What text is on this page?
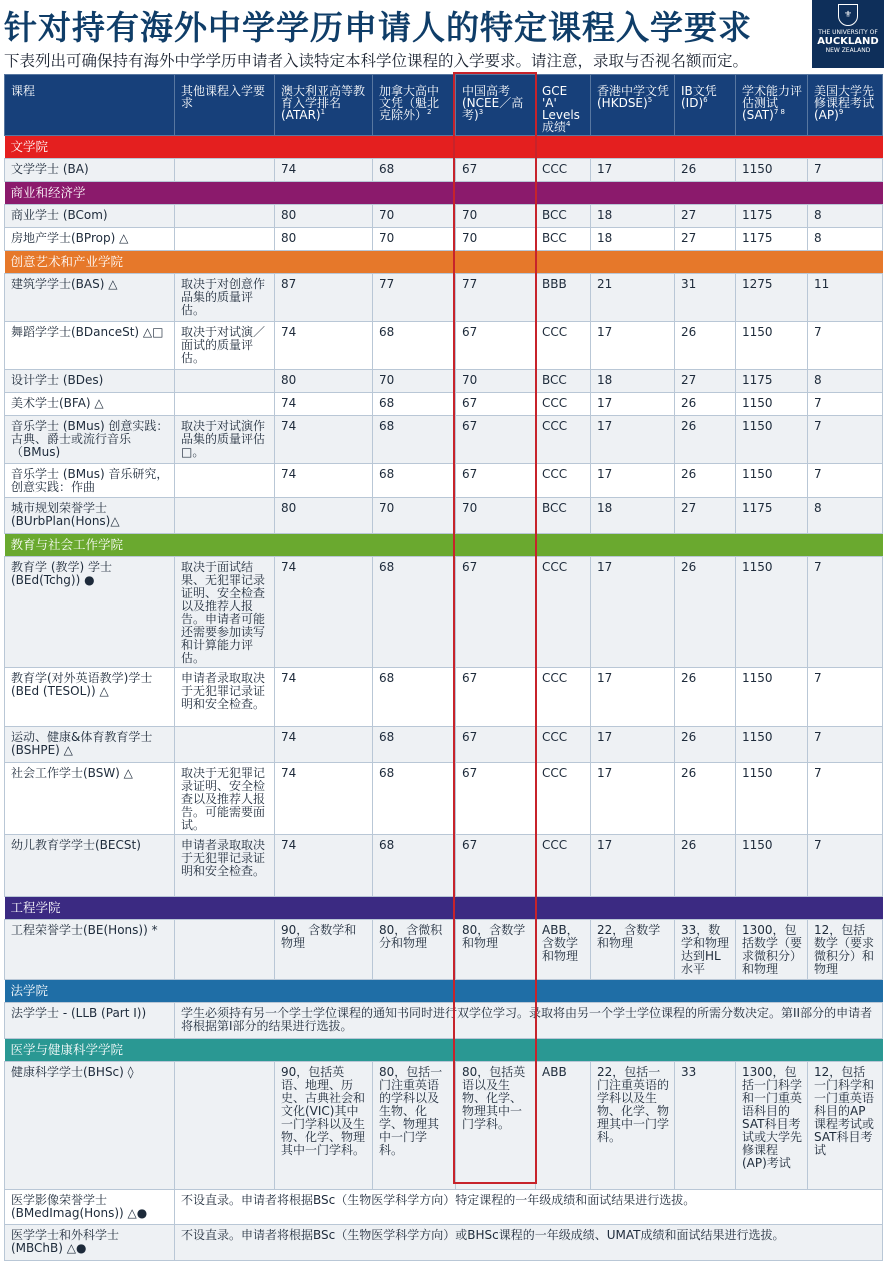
针对持有海外中学学历申请人的特定课程入学要求
下表列出可确保持有海外中学学历申请者入读特定本科学位课程的入学要求。请注意，录取与否视名额而定。
⚜
THE UNIVERSITY OF
AUCKLAND
NEW ZEALAND
课程	其他课程入学要求	澳大利亚高等教育入学排名(ATAR)$^1$	加拿大高中文凭（魁北克除外）$^2$	中国高考(NCEE／高考)$^3$	GCE 'A' Levels成绩$^4$	香港中学文凭(HKDSE)$^5$	IB文凭(ID)$^6$	学术能力评估测试(SAT)$^{7 8}$	美国大学先修课程考试(AP)$^9$
文学院									
文学学士 (BA)		74	68	67	CCC	17	26	1150	7
商业和经济学									
商业学士 (BCom)		80	70	70	BCC	18	27	1175	8
房地产学士(BProp) △		80	70	70	BCC	18	27	1175	8
创意艺术和产业学院									
建筑学学士(BAS) △	取决于对创意作品集的质量评估。	87	77	77	BBB	21	31	1275	11
舞蹈学学士(BDanceSt) △□	取决于对试演／面试的质量评估。	74	68	67	CCC	17	26	1150	7
设计学士 (BDes)		80	70	70	BCC	18	27	1175	8
美术学士(BFA) △		74	68	67	CCC	17	26	1150	7
音乐学士 (BMus) 创意实践：古典、爵士或流行音乐（BMus)	取决于对试演作品集的质量评估□。	74	68	67	CCC	17	26	1150	7
音乐学士 (BMus) 音乐研究，创意实践：作曲		74	68	67	CCC	17	26	1150	7
城市规划荣誉学士(BUrbPlan(Hons)△		80	70	70	BCC	18	27	1175	8
教育与社会工作学院									
教育学 (教学) 学士(BEd(Tchg)) ●	取决于面试结果、无犯罪记录证明、安全检查以及推荐人报告。申请者可能还需要参加读写和计算能力评估。	74	68	67	CCC	17	26	1150	7
教育学(对外英语教学)学士(BEd (TESOL)) △	申请者录取取决于无犯罪记录证明和安全检查。	74	68	67	CCC	17	26	1150	7
运动、健康&体育教育学士(BSHPE) △		74	68	67	CCC	17	26	1150	7
社会工作学士(BSW) △	取决于无犯罪记录证明、安全检查以及推荐人报告。可能需要面试。	74	68	67	CCC	17	26	1150	7
幼儿教育学学士(BECSt)	申请者录取取决于无犯罪记录证明和安全检查。	74	68	67	CCC	17	26	1150	7
工程学院									
工程荣誉学士(BE(Hons)) *		90，含数学和物理	80，含微积分和物理	80，含数学和物理	ABB，含数学和物理	22，含数学和物理	33，数学和物理达到HL水平	1300，包括数学（要求微积分）和物理	12，包括数学（要求微积分）和物理
法学院									
法学学士 - (LLB (Part I))	学生必须持有另一个学士学位课程的通知书同时进行双学位学习。录取将由另一个学士学位课程的所需分数决定。第II部分的申请者将根据第I部分的结果进行选拔。								
医学与健康科学学院									
健康科学学士(BHSc) ◊		90，包括英语、地理、历史、古典社会和文化(VIC)其中一门学科以及生物、化学、物理其中一门学科。	80，包括一门注重英语的学科以及生物、化学、物理其中一门学科。	80，包括英语以及生物、化学、物理其中一门学科。	ABB	22，包括一门注重英语的学科以及生物、化学、物理其中一门学科。	33	1300，包括一门科学和一门重英语科目的SAT科目考试或大学先修课程(AP)考试	12，包括一门科学和一门重英语科目的AP课程考试或SAT科目考试
医学影像荣誉学士(BMedImag(Hons)) △●	不设直录。申请者将根据BSc（生物医学科学方向）特定课程的一年级成绩和面试结果进行选拔。								
医学学士和外科学士(MBChB) △●	不设直录。申请者将根据BSc（生物医学科学方向）或BHSc课程的一年级成绩、UMAT成绩和面试结果进行选拔。								
